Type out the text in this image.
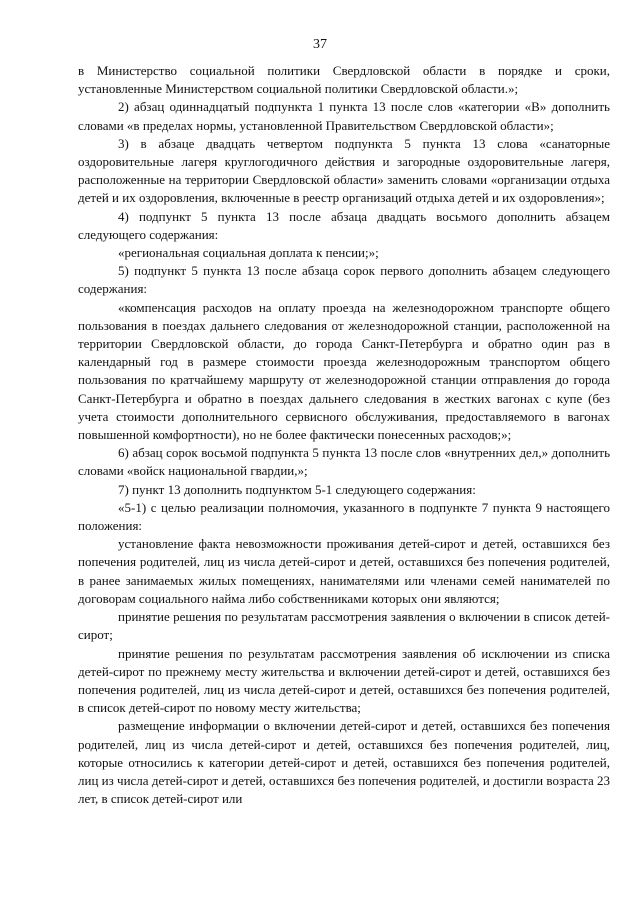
37

в Министерство социальной политики Свердловской области в порядке и сроки, установленные Министерством социальной политики Свердловской области.»;

2) абзац одиннадцатый подпункта 1 пункта 13 после слов «категории «В» дополнить словами «в пределах нормы, установленной Правительством Свердловской области»;

3) в абзаце двадцать четвертом подпункта 5 пункта 13 слова «санаторные оздоровительные лагеря круглогодичного действия и загородные оздоровительные лагеря, расположенные на территории Свердловской области» заменить словами «организации отдыха детей и их оздоровления, включенные в реестр организаций отдыха детей и их оздоровления»;

4) подпункт 5 пункта 13 после абзаца двадцать восьмого дополнить абзацем следующего содержания:

«региональная социальная доплата к пенсии;»;

5) подпункт 5 пункта 13 после абзаца сорок первого дополнить абзацем следующего содержания:

«компенсация расходов на оплату проезда на железнодорожном транспорте общего пользования в поездах дальнего следования от железнодорожной станции, расположенной на территории Свердловской области, до города Санкт-Петербурга и обратно один раз в календарный год в размере стоимости проезда железнодорожным транспортом общего пользования по кратчайшему маршруту от железнодорожной станции отправления до города Санкт-Петербурга и обратно в поездах дальнего следования в жестких вагонах с купе (без учета стоимости дополнительного сервисного обслуживания, предоставляемого в вагонах повышенной комфортности), но не более фактически понесенных расходов;»;

6) абзац сорок восьмой подпункта 5 пункта 13 после слов «внутренних дел,» дополнить словами «войск национальной гвардии,»;

7) пункт 13 дополнить подпунктом 5-1 следующего содержания:

«5-1) с целью реализации полномочия, указанного в подпункте 7 пункта 9 настоящего положения:

установление факта невозможности проживания детей-сирот и детей, оставшихся без попечения родителей, лиц из числа детей-сирот и детей, оставшихся без попечения родителей, в ранее занимаемых жилых помещениях, нанимателями или членами семей нанимателей по договорам социального найма либо собственниками которых они являются;

принятие решения по результатам рассмотрения заявления о включении в список детей-сирот;

принятие решения по результатам рассмотрения заявления об исключении из списка детей-сирот по прежнему месту жительства и включении детей-сирот и детей, оставшихся без попечения родителей, лиц из числа детей-сирот и детей, оставшихся без попечения родителей, в список детей-сирот по новому месту жительства;

размещение информации о включении детей-сирот и детей, оставшихся без попечения родителей, лиц из числа детей-сирот и детей, оставшихся без попечения родителей, лиц, которые относились к категории детей-сирот и детей, оставшихся без попечения родителей, лиц из числа детей-сирот и детей, оставшихся без попечения родителей, и достигли возраста 23 лет, в список детей-сирот или
